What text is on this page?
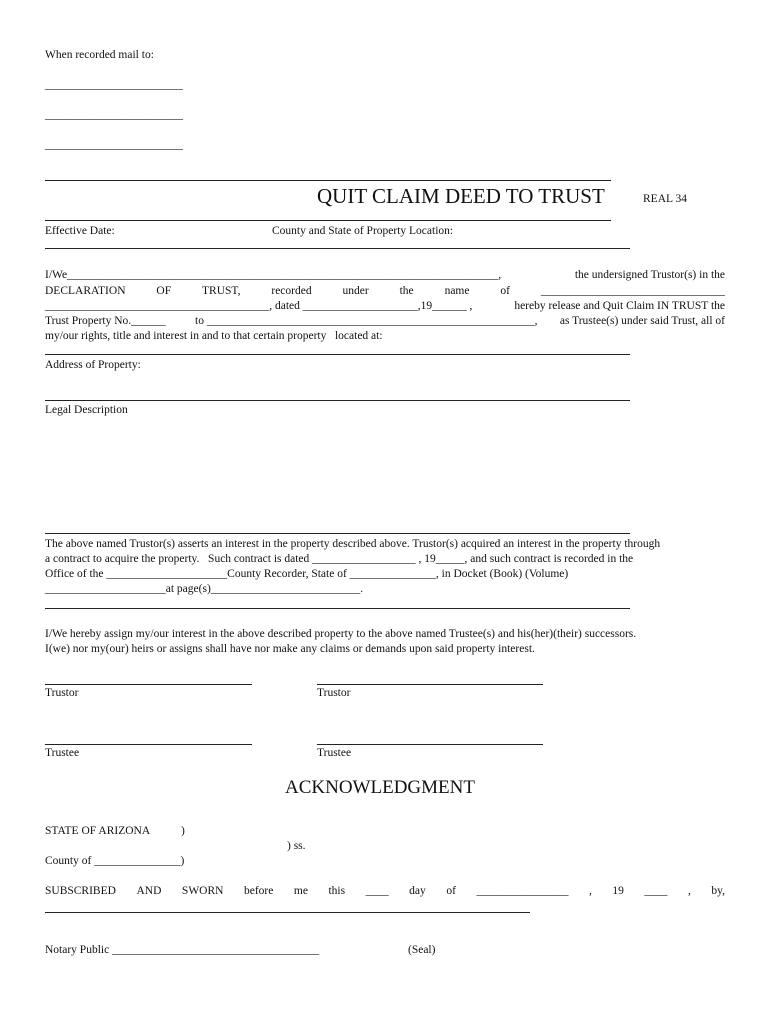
When recorded mail to:
________________________
________________________
________________________
QUIT CLAIM DEED TO TRUST	REAL 34
Effective Date:	County and State of Property Location:
I/We___________________________________________________________________________,	the undersigned Trustor(s) in the
DECLARATION	OF	TRUST,	recorded	under	the	name	of	________________________________
_______________________________________, dated ____________________,19______ ,	hereby release and Quit Claim IN TRUST the
Trust Property No.______	to _________________________________________________________, as Trustee(s) under said Trust, all of
my/our rights, title and interest in and to that certain property   located at:
Address of Property:
Legal Description
The above named Trustor(s) asserts an interest in the property described above. Trustor(s) acquired an interest in the property through
a contract to acquire the property.   Such contract is dated __________________ , 19_____, and such contract is recorded in the
Office of the _____________________County Recorder, State of _______________, in Docket (Book) (Volume)
_____________________at page(s)__________________________.
I/We hereby assign my/our interest in the above described property to the above named Trustee(s) and his(her)(their) successors.
I(we) nor my(our) heirs or assigns shall have nor make any claims or demands upon said property interest.
Trustor	Trustor
Trustee	Trustee
ACKNOWLEDGMENT
STATE OF ARIZONA	)
) ss.
County of _______________)
SUBSCRIBED AND SWORN before me this ____ day of ________________ , 19 ____ , by,
Notary Public ____________________________________	(Seal)
